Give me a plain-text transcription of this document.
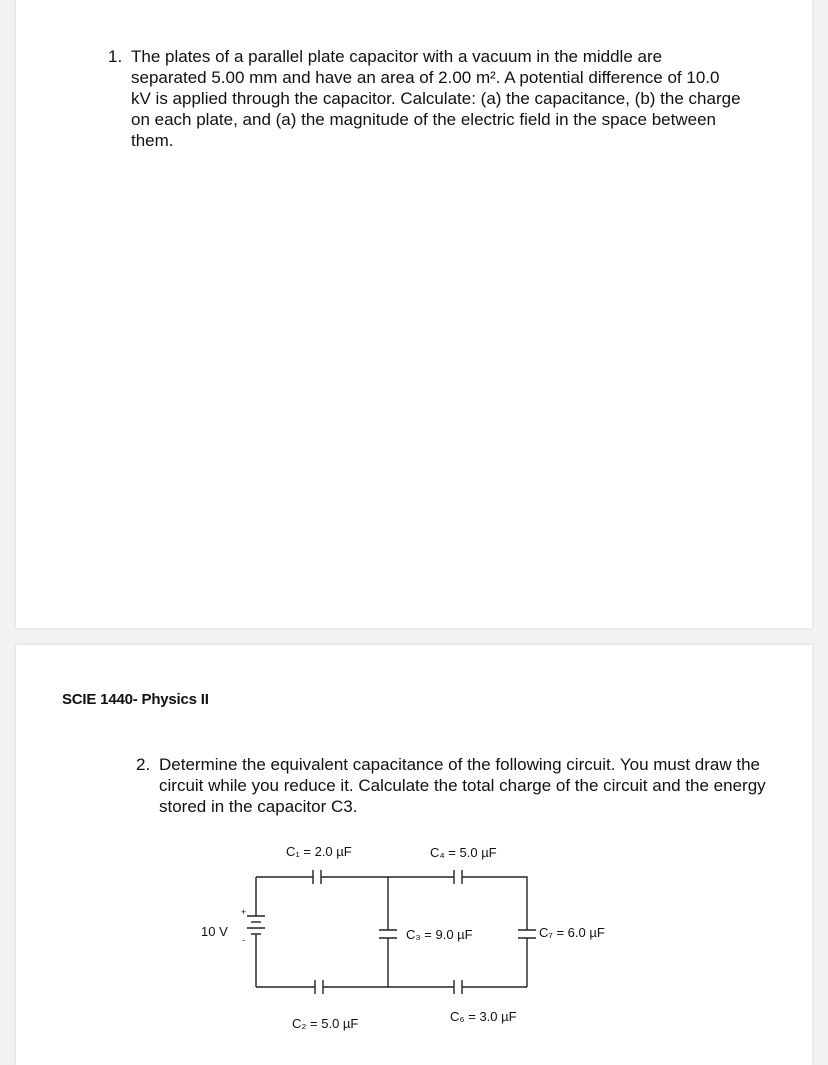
1. The plates of a parallel plate capacitor with a vacuum in the middle are separated 5.00 mm and have an area of 2.00 m². A potential difference of 10.0 kV is applied through the capacitor. Calculate: (a) the capacitance, (b) the charge on each plate, and (a) the magnitude of the electric field in the space between them.
SCIE 1440- Physics II
2. Determine the equivalent capacitance of the following circuit. You must draw the circuit while you reduce it. Calculate the total charge of the circuit and the energy stored in the capacitor C3.
C₁ = 2.0 µF	C₄ = 5.0 µF
10 V
+
-	C₃ = 9.0 µF	C₇ = 6.0 µF
C₂ = 5.0 µF	C₆ = 3.0 µF
